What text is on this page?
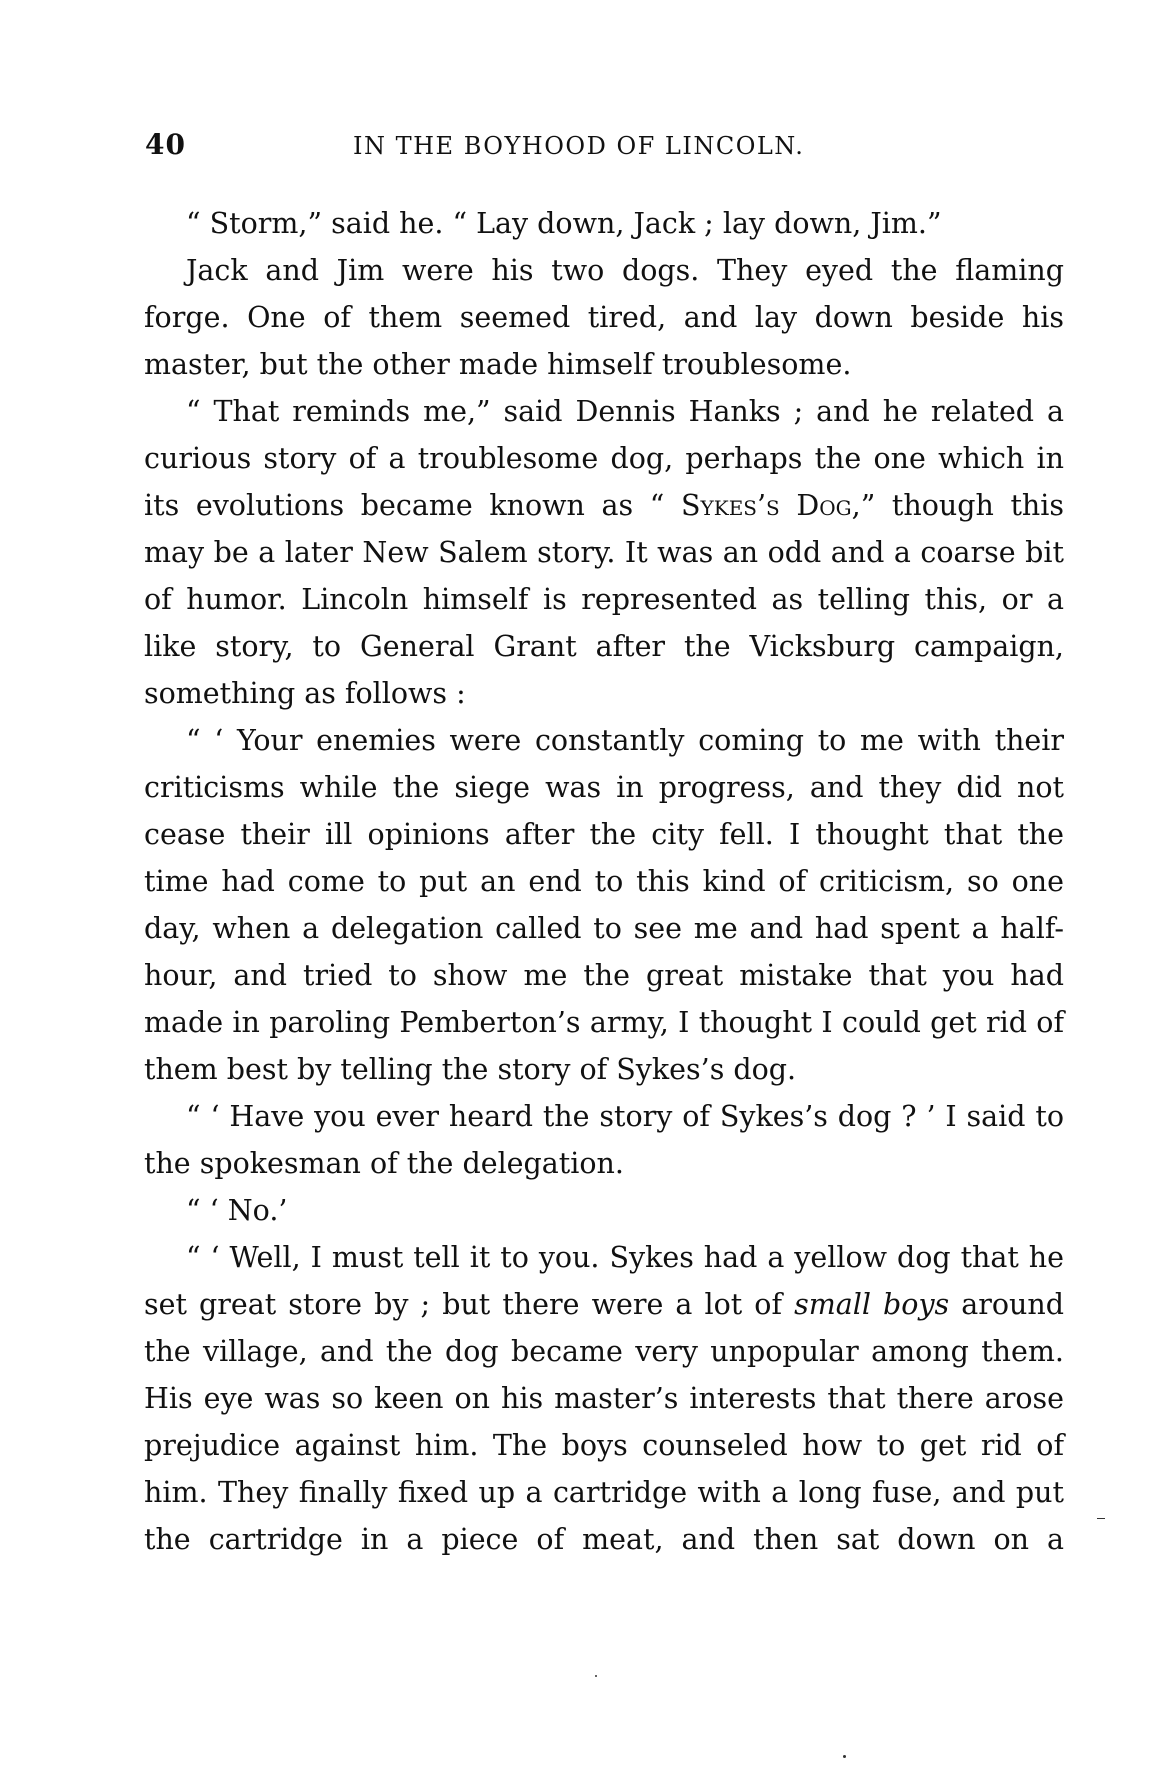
40	IN THE BOYHOOD OF LINCOLN.

“ Storm,” said he. “ Lay down, Jack ; lay down, Jim.”

Jack and Jim were his two dogs. They eyed the flaming forge. One of them seemed tired, and lay down beside his master, but the other made himself troublesome.

“ That reminds me,” said Dennis Hanks ; and he related a curious story of a troublesome dog, perhaps the one which in its evolutions became known as “ Sykes’s Dog,” though this may be a later New Salem story. It was an odd and a coarse bit of humor. Lincoln himself is represented as telling this, or a like story, to General Grant after the Vicksburg campaign, something as follows :

“ ‘ Your enemies were constantly coming to me with their criticisms while the siege was in progress, and they did not cease their ill opinions after the city fell. I thought that the time had come to put an end to this kind of criticism, so one day, when a delegation called to see me and had spent a half-hour, and tried to show me the great mistake that you had made in paroling Pemberton’s army, I thought I could get rid of them best by telling the story of Sykes’s dog.

“ ‘ Have you ever heard the story of Sykes’s dog ? ’ I said to the spokesman of the delegation.

“ ‘ No.’

“ ‘ Well, I must tell it to you. Sykes had a yellow dog that he set great store by ; but there were a lot of small boys around the village, and the dog became very unpopular among them. His eye was so keen on his master’s interests that there arose prejudice against him. The boys counseled how to get rid of him. They finally fixed up a cartridge with a long fuse, and put the cartridge in a piece of meat, and then sat down on a
